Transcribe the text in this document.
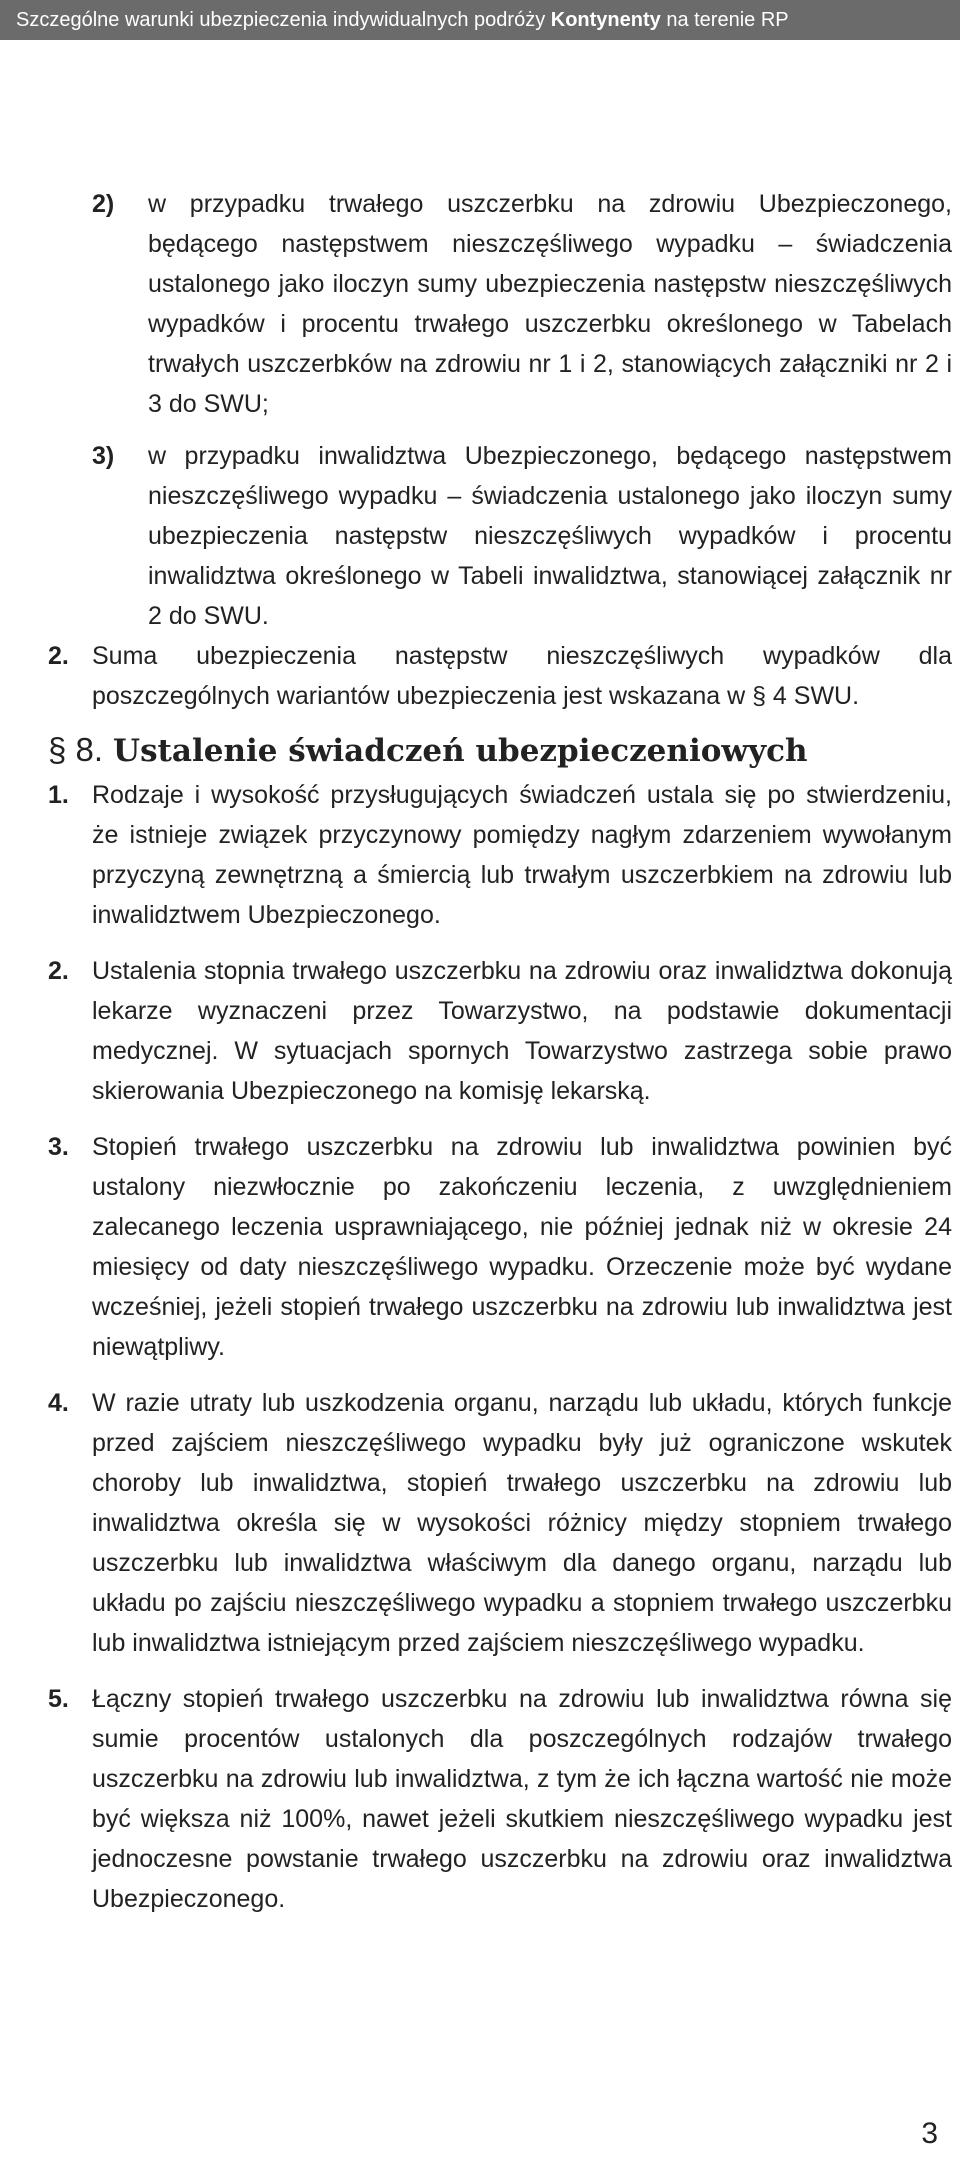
Szczególne warunki ubezpieczenia indywidualnych podróży Kontynenty na terenie RP
2) w przypadku trwałego uszczerbku na zdrowiu Ubezpieczonego, będącego następstwem nieszczęśliwego wypadku – świadczenia ustalonego jako iloczyn sumy ubezpieczenia następstw nieszczęśliwych wypadków i procentu trwałego uszczerbku określonego w Tabelach trwałych uszczerbków na zdrowiu nr 1 i 2, stanowiących załączniki nr 2 i 3 do SWU;
3) w przypadku inwalidztwa Ubezpieczonego, będącego następstwem nieszczęśliwego wypadku – świadczenia ustalonego jako iloczyn sumy ubezpieczenia następstw nieszczęśliwych wypadków i procentu inwalidztwa określonego w Tabeli inwalidztwa, stanowiącej załącznik nr 2 do SWU.
2. Suma ubezpieczenia następstw nieszczęśliwych wypadków dla poszczególnych wariantów ubezpieczenia jest wskazana w § 4 SWU.
§ 8. Ustalenie świadczeń ubezpieczeniowych
1. Rodzaje i wysokość przysługujących świadczeń ustala się po stwierdzeniu, że istnieje związek przyczynowy pomiędzy nagłym zdarzeniem wywołanym przyczyną zewnętrzną a śmiercią lub trwałym uszczerbkiem na zdrowiu lub inwalidztwem Ubezpieczonego.
2. Ustalenia stopnia trwałego uszczerbku na zdrowiu oraz inwalidztwa dokonują lekarze wyznaczeni przez Towarzystwo, na podstawie dokumentacji medycznej. W sytuacjach spornych Towarzystwo zastrzega sobie prawo skierowania Ubezpieczonego na komisję lekarską.
3. Stopień trwałego uszczerbku na zdrowiu lub inwalidztwa powinien być ustalony niezwłocznie po zakończeniu leczenia, z uwzględnieniem zalecanego leczenia usprawniającego, nie później jednak niż w okresie 24 miesięcy od daty nieszczęśliwego wypadku. Orzeczenie może być wydane wcześniej, jeżeli stopień trwałego uszczerbku na zdrowiu lub inwalidztwa jest niewątpliwy.
4. W razie utraty lub uszkodzenia organu, narządu lub układu, których funkcje przed zajściem nieszczęśliwego wypadku były już ograniczone wskutek choroby lub inwalidztwa, stopień trwałego uszczerbku na zdrowiu lub inwalidztwa określa się w wysokości różnicy między stopniem trwałego uszczerbku lub inwalidztwa właściwym dla danego organu, narządu lub układu po zajściu nieszczęśliwego wypadku a stopniem trwałego uszczerbku lub inwalidztwa istniejącym przed zajściem nieszczęśliwego wypadku.
5. Łączny stopień trwałego uszczerbku na zdrowiu lub inwalidztwa równa się sumie procentów ustalonych dla poszczególnych rodzajów trwałego uszczerbku na zdrowiu lub inwalidztwa, z tym że ich łączna wartość nie może być większa niż 100%, nawet jeżeli skutkiem nieszczęśliwego wypadku jest jednoczesne powstanie trwałego uszczerbku na zdrowiu oraz inwalidztwa Ubezpieczonego.
3
